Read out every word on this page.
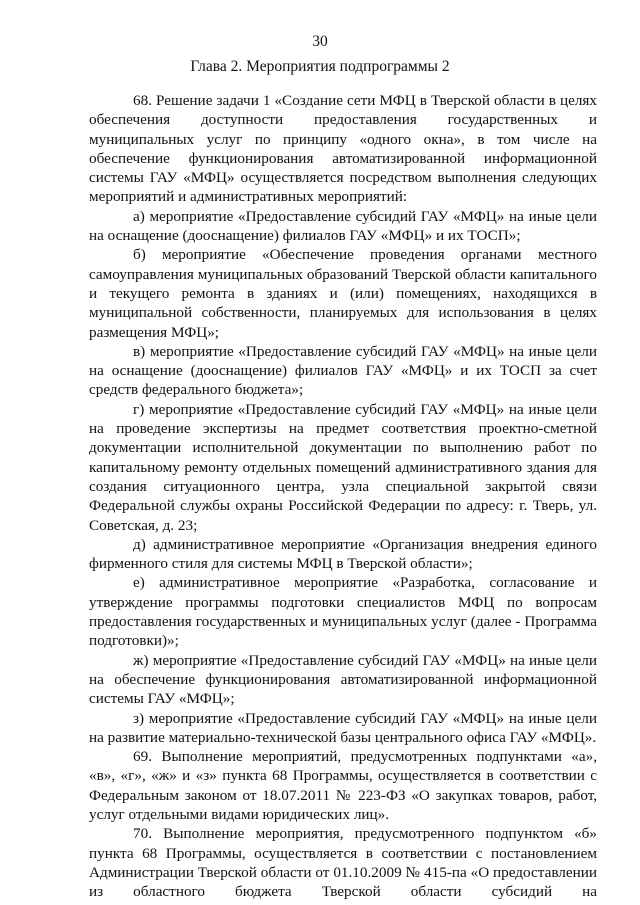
30
Глава 2. Мероприятия подпрограммы 2

68. Решение задачи 1 «Создание сети МФЦ в Тверской области в целях обеспечения доступности предоставления государственных и муниципальных услуг по принципу «одного окна», в том числе на обеспечение функционирования автоматизированной информационной системы ГАУ «МФЦ» осуществляется посредством выполнения следующих мероприятий и административных мероприятий:

а) мероприятие «Предоставление субсидий ГАУ «МФЦ» на иные цели на оснащение (дооснащение) филиалов ГАУ «МФЦ» и их ТОСП»;

б) мероприятие «Обеспечение проведения органами местного самоуправления муниципальных образований Тверской области капитального и текущего ремонта в зданиях и (или) помещениях, находящихся в муниципальной собственности, планируемых для использования в целях размещения МФЦ»;

в) мероприятие «Предоставление субсидий ГАУ «МФЦ» на иные цели на оснащение (дооснащение) филиалов ГАУ «МФЦ» и их ТОСП за счет средств федерального бюджета»;

г) мероприятие «Предоставление субсидий ГАУ «МФЦ» на иные цели на проведение экспертизы на предмет соответствия проектно-сметной документации исполнительной документации по выполнению работ по капитальному ремонту отдельных помещений административного здания для создания ситуационного центра, узла специальной закрытой связи Федеральной службы охраны Российской Федерации по адресу: г. Тверь, ул. Советская, д. 23;

д) административное мероприятие «Организация внедрения единого фирменного стиля для системы МФЦ в Тверской области»;

е) административное мероприятие «Разработка, согласование и утверждение программы подготовки специалистов МФЦ по вопросам предоставления государственных и муниципальных услуг (далее - Программа подготовки)»;

ж) мероприятие «Предоставление субсидий ГАУ «МФЦ» на иные цели на обеспечение функционирования автоматизированной информационной системы ГАУ «МФЦ»;

з) мероприятие «Предоставление субсидий ГАУ «МФЦ» на иные цели на развитие материально-технической базы центрального офиса ГАУ «МФЦ».

69. Выполнение мероприятий, предусмотренных подпунктами «а», «в», «г», «ж» и «з» пункта 68 Программы, осуществляется в соответствии с Федеральным законом от 18.07.2011 № 223-ФЗ «О закупках товаров, работ, услуг отдельными видами юридических лиц».

70. Выполнение мероприятия, предусмотренного подпунктом «б» пункта 68 Программы, осуществляется в соответствии с постановлением Администрации Тверской области от 01.10.2009 № 415-па «О предоставлении из областного бюджета Тверской области субсидий на
